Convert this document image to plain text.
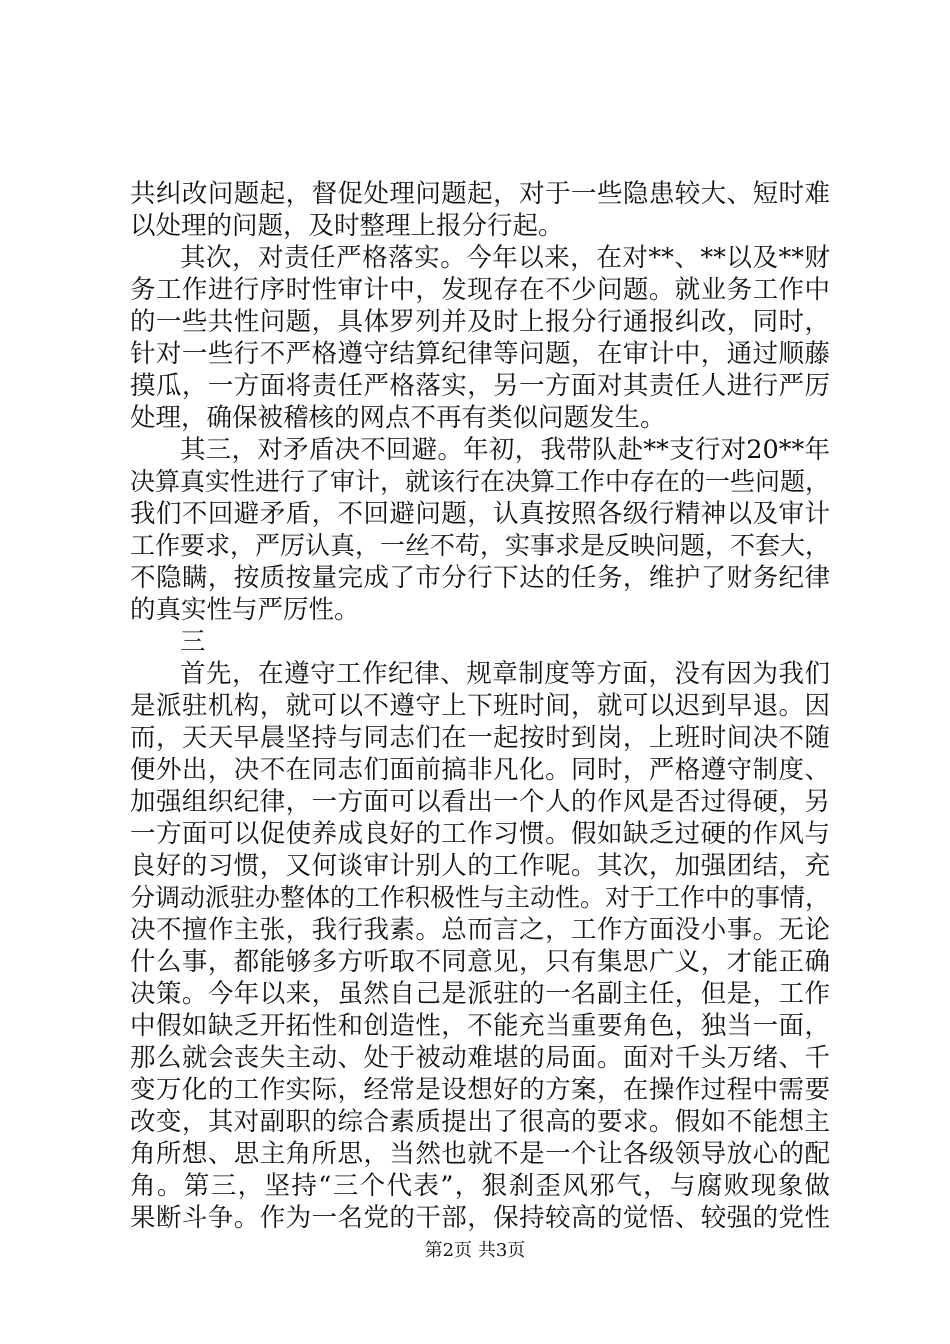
共纠改问题起，督促处理问题起，对于一些隐患较大、短时难
以处理的问题，及时整理上报分行起。
其次，对责任严格落实。今年以来，在对**、**以及**财
务工作进行序时性审计中，发现存在不少问题。就业务工作中
的一些共性问题，具体罗列并及时上报分行通报纠改，同时，
针对一些行不严格遵守结算纪律等问题，在审计中，通过顺藤
摸瓜，一方面将责任严格落实，另一方面对其责任人进行严厉
处理，确保被稽核的网点不再有类似问题发生。
其三，对矛盾决不回避。年初，我带队赴**支行对20**年
决算真实性进行了审计，就该行在决算工作中存在的一些问题，
我们不回避矛盾，不回避问题，认真按照各级行精神以及审计
工作要求，严厉认真，一丝不苟，实事求是反映问题，不套大，
不隐瞒，按质按量完成了市分行下达的任务，维护了财务纪律
的真实性与严厉性。
三
首先，在遵守工作纪律、规章制度等方面，没有因为我们
是派驻机构，就可以不遵守上下班时间，就可以迟到早退。因
而，天天早晨坚持与同志们在一起按时到岗，上班时间决不随
便外出，决不在同志们面前搞非凡化。同时，严格遵守制度、
加强组织纪律，一方面可以看出一个人的作风是否过得硬，另
一方面可以促使养成良好的工作习惯。假如缺乏过硬的作风与
良好的习惯，又何谈审计别人的工作呢。其次，加强团结，充
分调动派驻办整体的工作积极性与主动性。对于工作中的事情，
决不擅作主张，我行我素。总而言之，工作方面没小事。无论
什么事，都能够多方听取不同意见，只有集思广义，才能正确
决策。今年以来，虽然自己是派驻的一名副主任，但是，工作
中假如缺乏开拓性和创造性，不能充当重要角色，独当一面，
那么就会丧失主动、处于被动难堪的局面。面对千头万绪、千
变万化的工作实际，经常是设想好的方案，在操作过程中需要
改变，其对副职的综合素质提出了很高的要求。假如不能想主
角所想、思主角所思，当然也就不是一个让各级领导放心的配
角。第三，坚持“三个代表”，狠刹歪风邪气，与腐败现象做
果断斗争。作为一名党的干部，保持较高的觉悟、较强的党性
第2页 共3页
